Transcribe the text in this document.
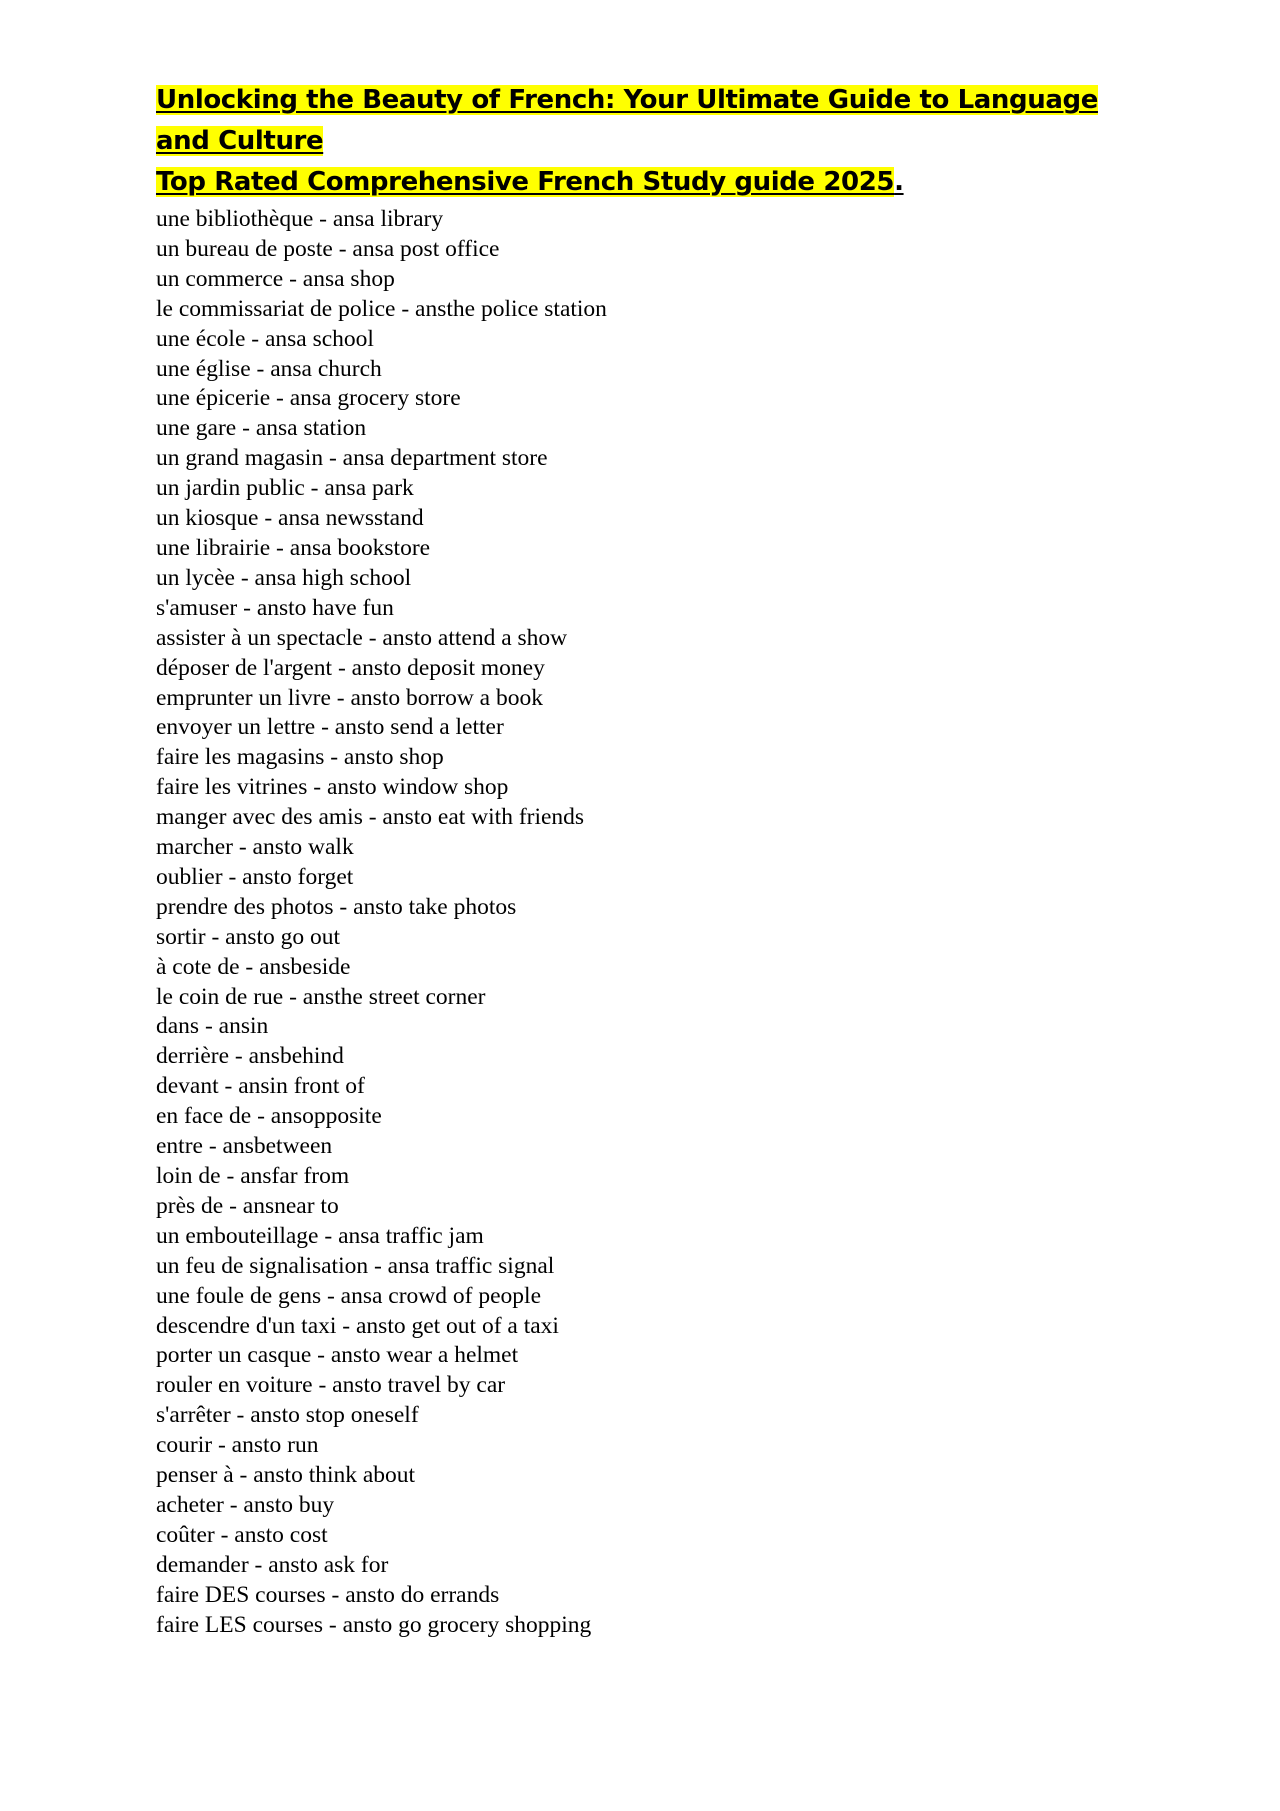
Unlocking the Beauty of French: Your Ultimate Guide to Language and Culture
Top Rated Comprehensive French Study guide 2025.
une bibliothèque - ansa library
un bureau de poste - ansa post office
un commerce - ansa shop
le commissariat de police - ansthe police station
une école - ansa school
une église - ansa church
une épicerie - ansa grocery store
une gare - ansa station
un grand magasin - ansa department store
un jardin public - ansa park
un kiosque - ansa newsstand
une librairie - ansa bookstore
un lycèe - ansa high school
s'amuser - ansto have fun
assister à un spectacle - ansto attend a show
déposer de l'argent - ansto deposit money
emprunter un livre - ansto borrow a book
envoyer un lettre - ansto send a letter
faire les magasins - ansto shop
faire les vitrines - ansto window shop
manger avec des amis - ansto eat with friends
marcher - ansto walk
oublier - ansto forget
prendre des photos - ansto take photos
sortir - ansto go out
à cote de - ansbeside
le coin de rue - ansthe street corner
dans - ansin
derrière - ansbehind
devant - ansin front of
en face de - ansopposite
entre - ansbetween
loin de - ansfar from
près de - ansnear to
un embouteillage - ansa traffic jam
un feu de signalisation - ansa traffic signal
une foule de gens - ansa crowd of people
descendre d'un taxi - ansto get out of a taxi
porter un casque - ansto wear a helmet
rouler en voiture - ansto travel by car
s'arrêter - ansto stop oneself
courir - ansto run
penser à - ansto think about
acheter - ansto buy
coûter - ansto cost
demander - ansto ask for
faire DES courses - ansto do errands
faire LES courses - ansto go grocery shopping
